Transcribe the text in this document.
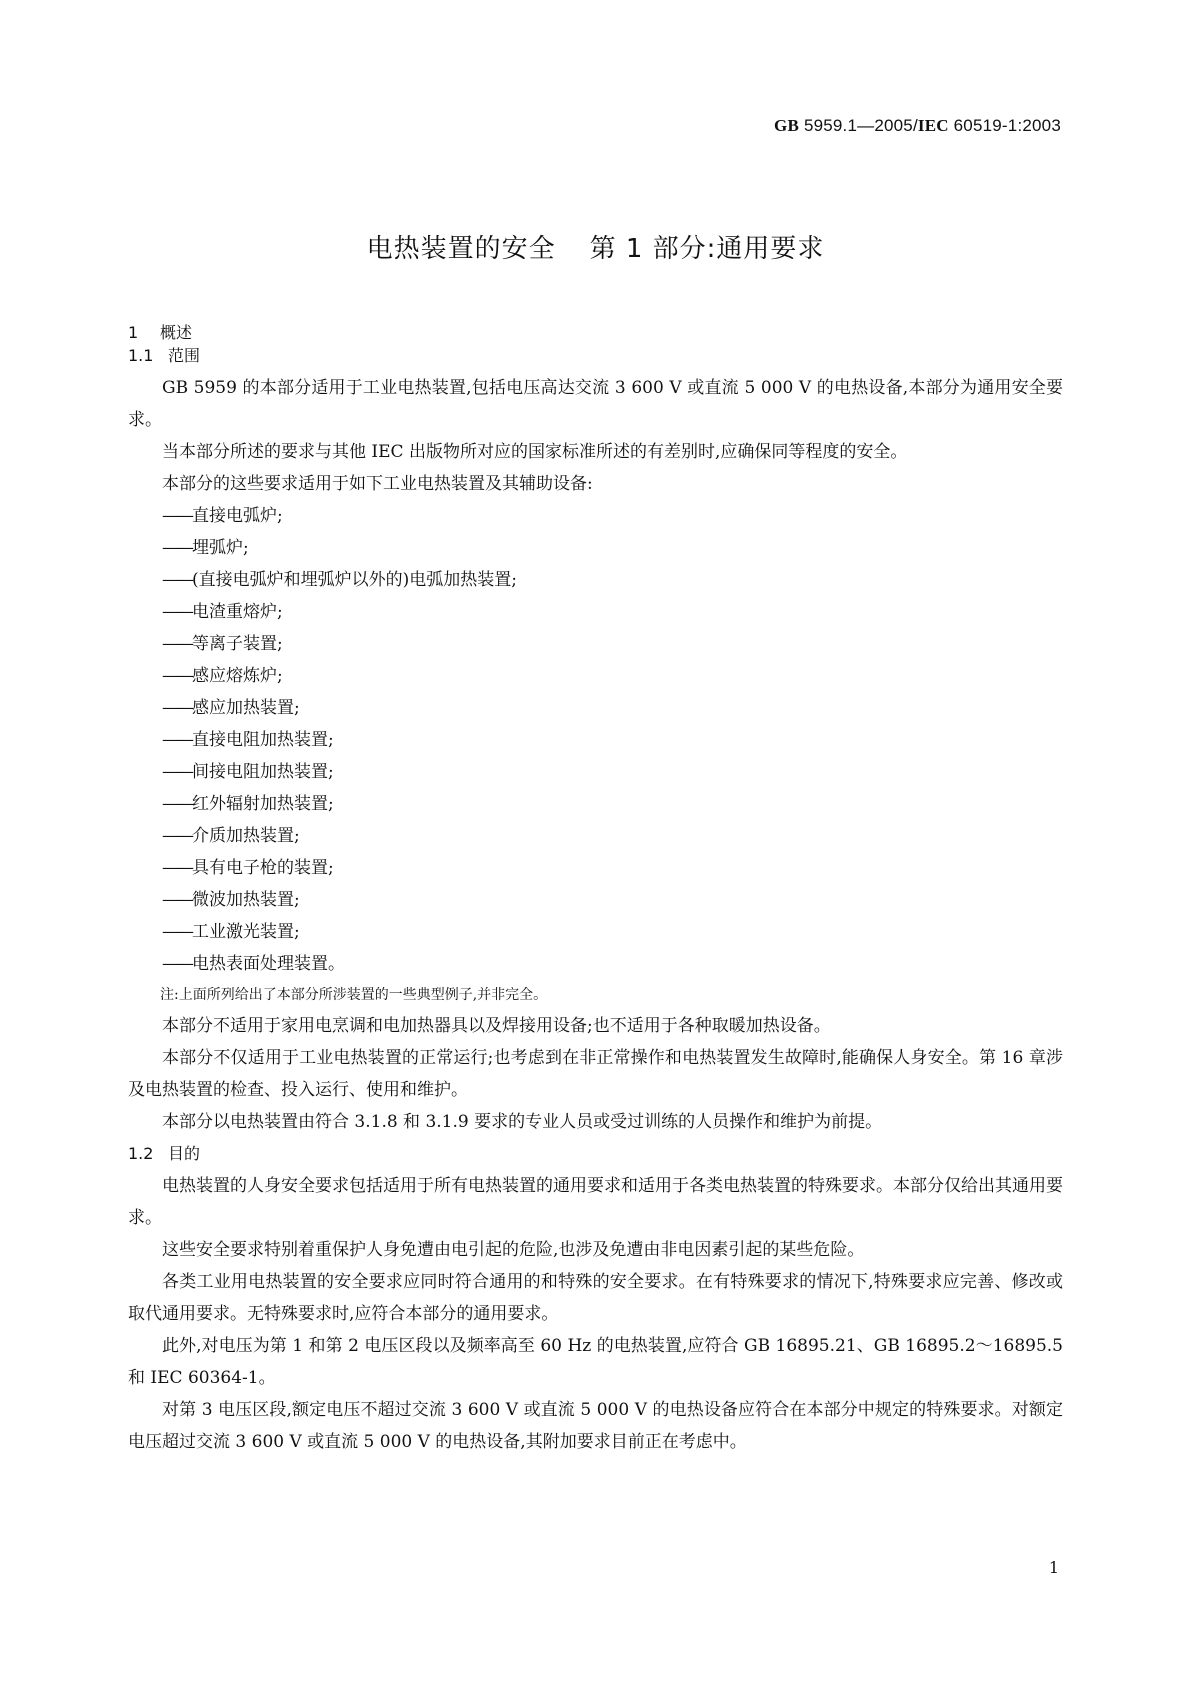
GB 5959.1—2005/IEC 60519-1:2003
电热装置的安全 第 1 部分:通用要求
1 概述
1.1 范围

GB 5959 的本部分适用于工业电热装置,包括电压高达交流 3 600 V 或直流 5 000 V 的电热设备,本部分为通用安全要求。

当本部分所述的要求与其他 IEC 出版物所对应的国家标准所述的有差别时,应确保同等程度的安全。

本部分的这些要求适用于如下工业电热装置及其辅助设备:

——直接电弧炉;

——埋弧炉;

——(直接电弧炉和埋弧炉以外的)电弧加热装置;

——电渣重熔炉;

——等离子装置;

——感应熔炼炉;

——感应加热装置;

——直接电阻加热装置;

——间接电阻加热装置;

——红外辐射加热装置;

——介质加热装置;

——具有电子枪的装置;

——微波加热装置;

——工业激光装置;

——电热表面处理装置。

注:上面所列给出了本部分所涉装置的一些典型例子,并非完全。

本部分不适用于家用电烹调和电加热器具以及焊接用设备;也不适用于各种取暖加热设备。

本部分不仅适用于工业电热装置的正常运行;也考虑到在非正常操作和电热装置发生故障时,能确保人身安全。第 16 章涉及电热装置的检查、投入运行、使用和维护。

本部分以电热装置由符合 3.1.8 和 3.1.9 要求的专业人员或受过训练的人员操作和维护为前提。

1.2 目的

电热装置的人身安全要求包括适用于所有电热装置的通用要求和适用于各类电热装置的特殊要求。本部分仅给出其通用要求。

这些安全要求特别着重保护人身免遭由电引起的危险,也涉及免遭由非电因素引起的某些危险。

各类工业用电热装置的安全要求应同时符合通用的和特殊的安全要求。在有特殊要求的情况下,特殊要求应完善、修改或取代通用要求。无特殊要求时,应符合本部分的通用要求。

此外,对电压为第 1 和第 2 电压区段以及频率高至 60 Hz 的电热装置,应符合 GB 16895.21、GB 16895.2～16895.5 和 IEC 60364-1。

对第 3 电压区段,额定电压不超过交流 3 600 V 或直流 5 000 V 的电热设备应符合在本部分中规定的特殊要求。对额定电压超过交流 3 600 V 或直流 5 000 V 的电热设备,其附加要求目前正在考虑中。

1
